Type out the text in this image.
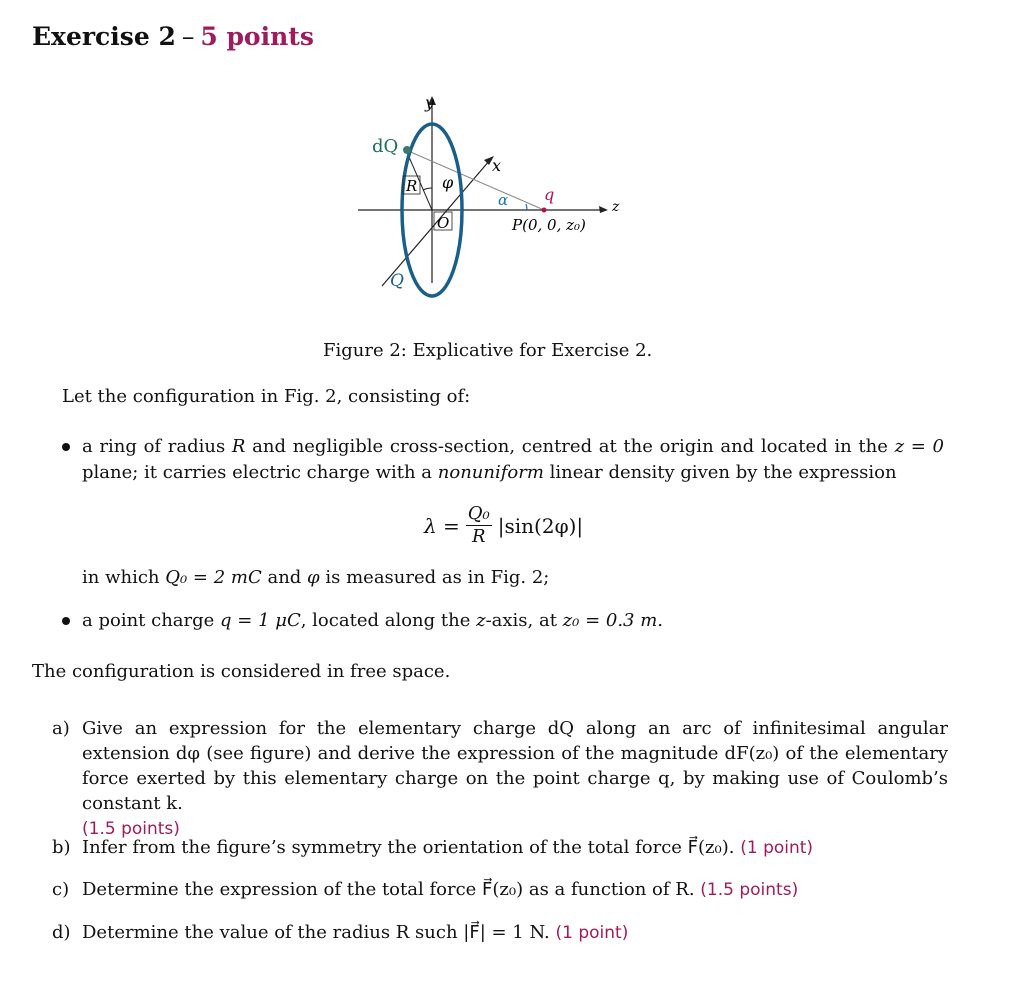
Exercise 2 – 5 points
dQ
y
x
z
R φ
O
α q
P(0, 0, z₀)
Q
Figure 2: Explicative for Exercise 2.
Let the configuration in Fig. 2, consisting of:
a ring of radius R and negligible cross-section, centred at the origin and located in the z = 0 plane; it carries electric charge with a nonuniform linear density given by the expression
$\lambda = \frac{\text{Q₀}}{R} |\sin(2\varphi)|$
in which Q₀ = 2 mC and φ is measured as in Fig. 2;
a point charge q = 1 μC, located along the z-axis, at z₀ = 0.3 m.
The configuration is considered in free space.
a) Give an expression for the elementary charge dQ along an arc of infinitesimal angular extension dφ (see figure) and derive the expression of the magnitude dF(z₀) of the elementary force exerted by this elementary charge on the point charge q, by making use of Coulomb’s constant k.
(1.5 points)
b) Infer from the figure’s symmetry the orientation of the total force F⃗(z₀). (1 point)
c) Determine the expression of the total force F⃗(z₀) as a function of R. (1.5 points)
d) Determine the value of the radius R such |F⃗| = 1 N. (1 point)
